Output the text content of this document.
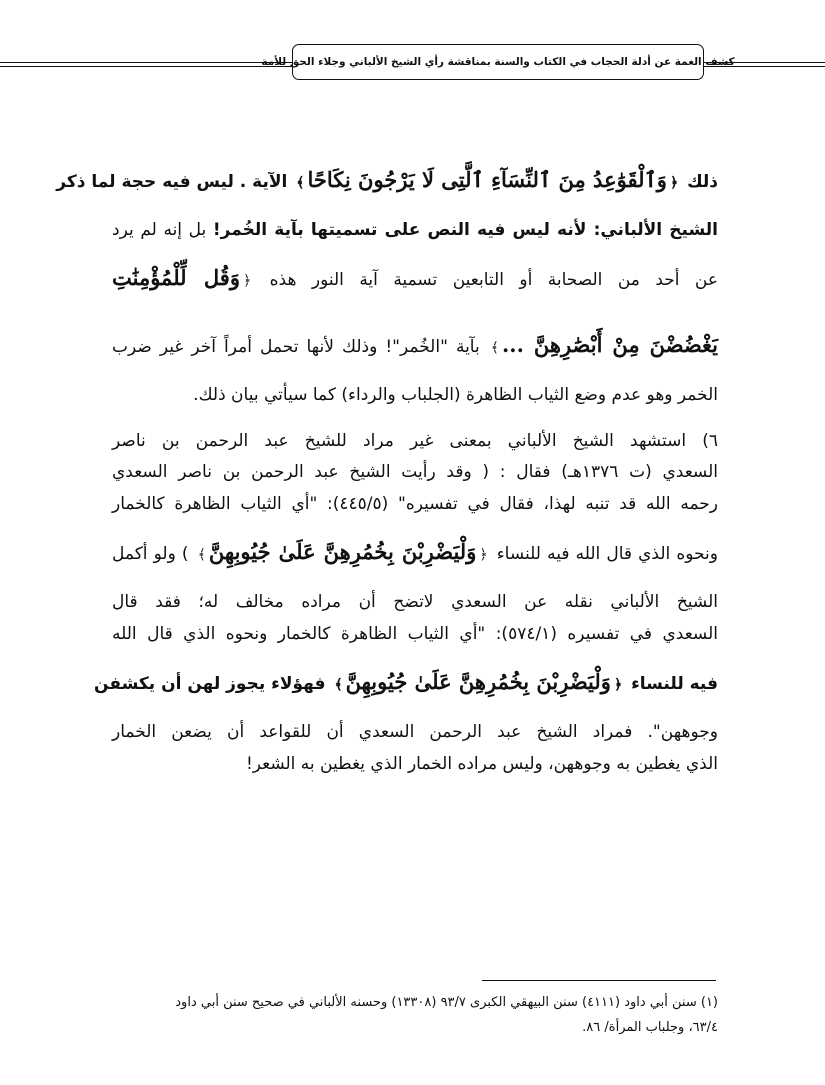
كشف الغمة عن أدلة الحجاب في الكتاب والسنة بمناقشة رأي الشيخ الألباني وجلاء الحق للأمة

ذلك ﴿وَٱلْقَوَٰعِدُ مِنَ ٱلنِّسَآءِ ٱلَّتِى لَا يَرْجُونَ نِكَاحًا﴾ الآية . ليس فيه حجة لما ذكر
الشيخ الألباني: لأنه ليس فيه النص على تسميتها بآية الخُمر! بل إنه لم يرد
عن أحد من الصحابة أو التابعين تسمية آية النور هذه ﴿وَقُل لِّلْمُؤْمِنَٰتِ
يَغْضُضْنَ مِنْ أَبْصَٰرِهِنَّ ...﴾ بآية "الخُمر"! وذلك لأنها تحمل أمراً آخر غير ضرب
الخمر وهو عدم وضع الثياب الظاهرة (الجلباب والرداء) كما سيأتي بيان ذلك.

٦) استشهد الشيخ الألباني بمعنى غير مراد للشيخ عبد الرحمن بن ناصر
السعدي (ت ١٣٧٦هـ) فقال : ( وقد رأيت الشيخ عبد الرحمن بن ناصر السعدي
رحمه الله قد تنبه لهذا، فقال في تفسيره" (٤٤٥/٥): "أي الثياب الظاهرة كالخمار
ونحوه الذي قال الله فيه للنساء ﴿وَلْيَضْرِبْنَ بِخُمُرِهِنَّ عَلَىٰ جُيُوبِهِنَّ﴾ ) ولو أكمل
الشيخ الألباني نقله عن السعدي لاتضح أن مراده مخالف له؛ فقد قال
السعدي في تفسيره (٥٧٤/١): "أي الثياب الظاهرة كالخمار ونحوه الذي قال الله
فيه للنساء ﴿وَلْيَضْرِبْنَ بِخُمُرِهِنَّ عَلَىٰ جُيُوبِهِنَّ﴾ فهؤلاء يجوز لهن أن يكشفن
وجوههن". فمراد الشيخ عبد الرحمن السعدي أن للقواعد أن يضعن الخمار
الذي يغطين به وجوههن، وليس مراده الخمار الذي يغطين به الشعر!

(١) سنن أبي داود (٤١١١) سنن البيهقي الكبرى ٩٣/٧ (١٣٣٠٨) وحسنه الألباني في صحيح سنن أبي داود
٦٣/٤، وجلباب المرأة/ ٨٦.
